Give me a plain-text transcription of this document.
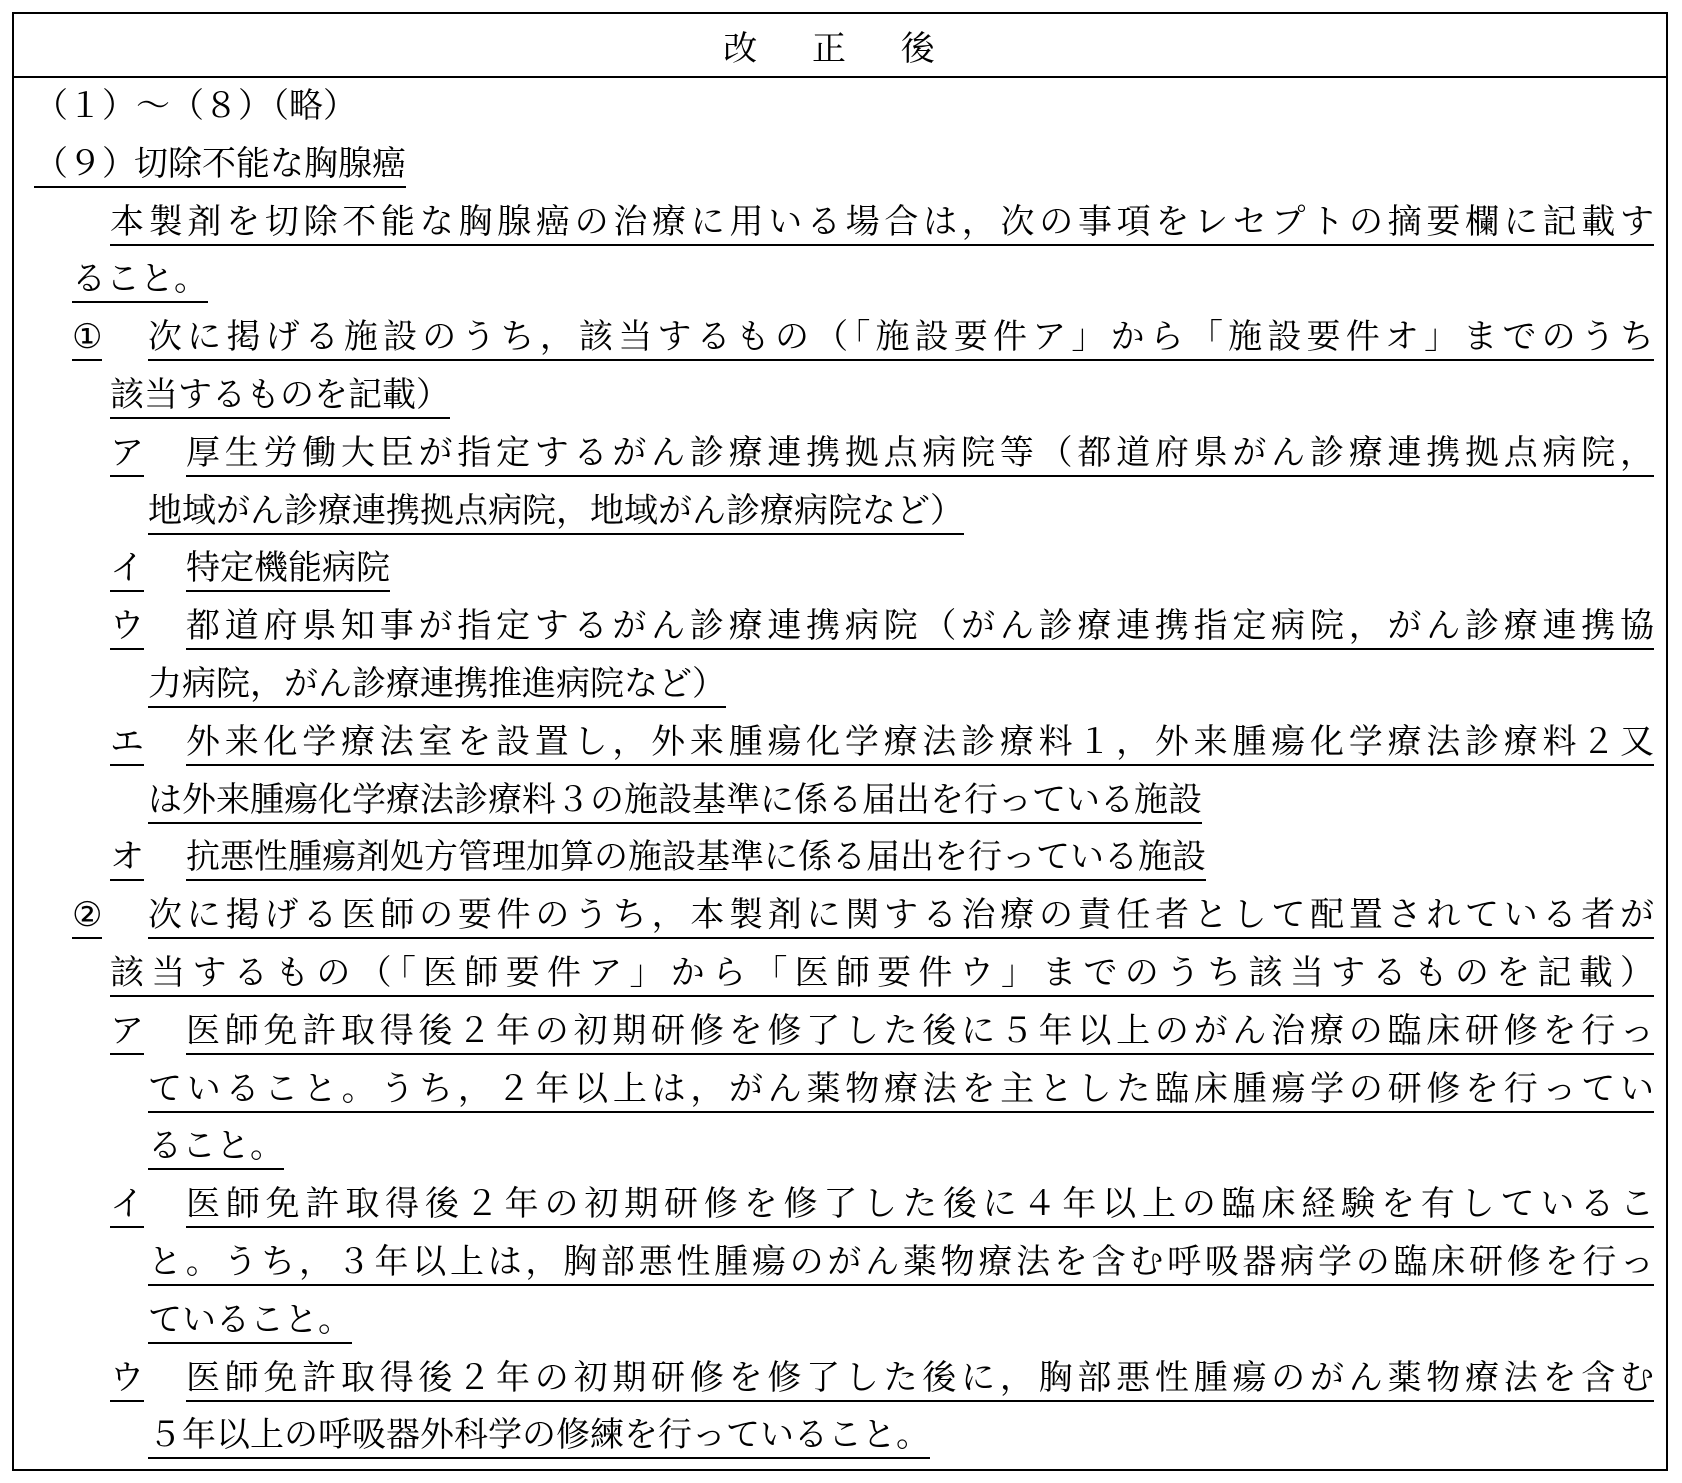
改 正 後
（１）～（８）（略）
（９）
切除不能な胸腺癌
本製剤を切除不能な胸腺癌の治療に用いる場合は，次の事項をレセプトの摘要欄に記載す
ること。
① 次に掲げる施設のうち，該当するもの（「施設要件ア」から「施設要件オ」までのうち
該当するものを記載）
ア 厚生労働大臣が指定するがん診療連携拠点病院等（都道府県がん診療連携拠点病院，
地域がん診療連携拠点病院，地域がん診療病院など）
イ 特定機能病院
ウ 都道府県知事が指定するがん診療連携病院（がん診療連携指定病院，がん診療連携協
力病院，がん診療連携推進病院など）
エ 外来化学療法室を設置し，外来腫瘍化学療法診療料１，外来腫瘍化学療法診療料２又
は外来腫瘍化学療法診療料３の施設基準に係る届出を行っている施設
オ 抗悪性腫瘍剤処方管理加算の施設基準に係る届出を行っている施設
② 次に掲げる医師の要件のうち，本製剤に関する治療の責任者として配置されている者が
該当するもの（「医師要件ア」から「医師要件ウ」までのうち該当するものを記載）
ア 医師免許取得後２年の初期研修を修了した後に５年以上のがん治療の臨床研修を行っ
ていること。うち，２年以上は，がん薬物療法を主とした臨床腫瘍学の研修を行ってい
ること。
イ 医師免許取得後２年の初期研修を修了した後に４年以上の臨床経験を有しているこ
と。うち，３年以上は，胸部悪性腫瘍のがん薬物療法を含む呼吸器病学の臨床研修を行っ
ていること。
ウ 医師免許取得後２年の初期研修を修了した後に，胸部悪性腫瘍のがん薬物療法を含む
５年以上の呼吸器外科学の修練を行っていること。
